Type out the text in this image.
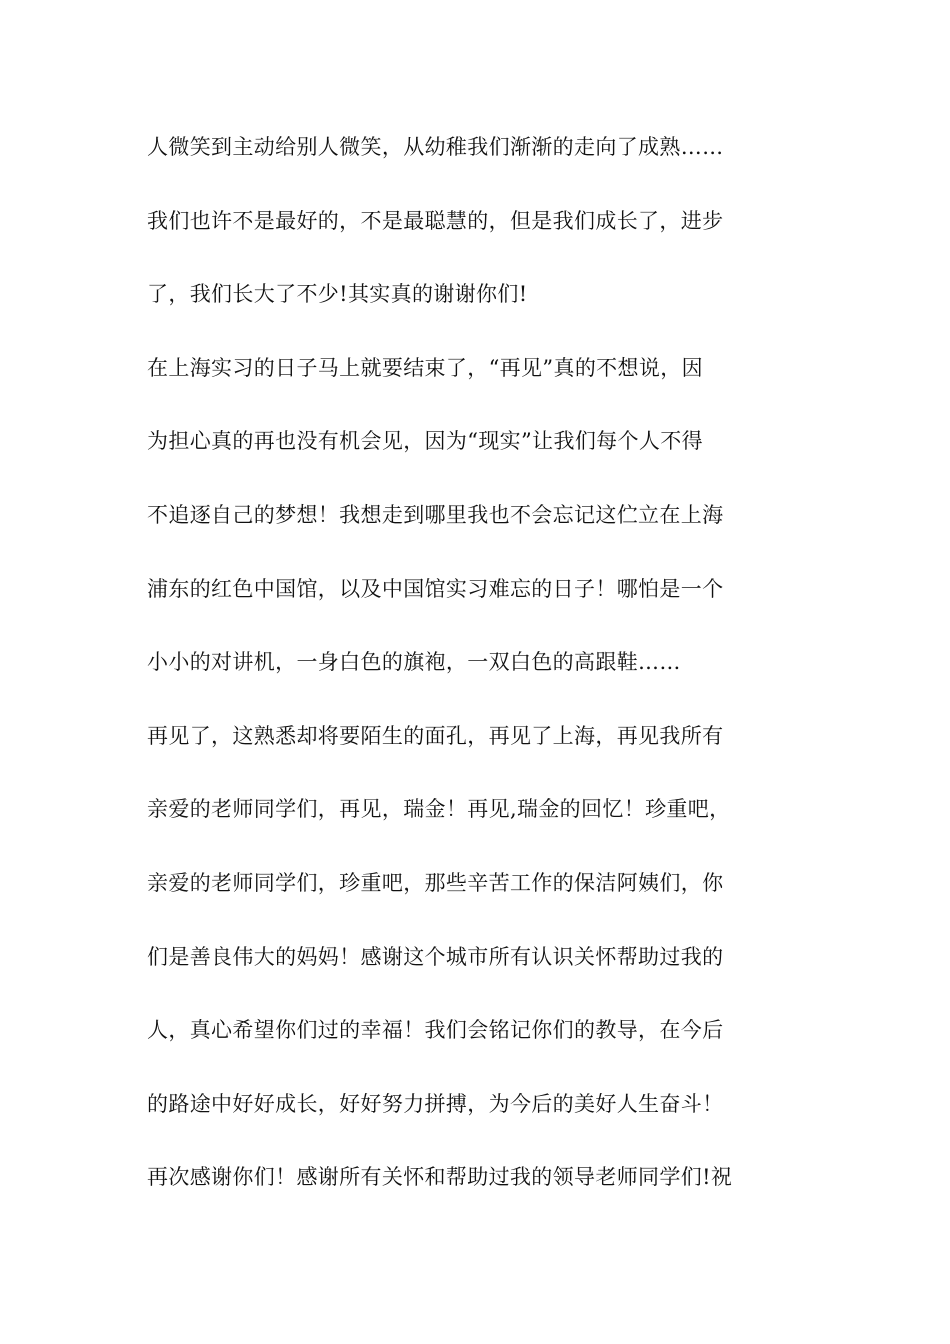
人微笑到主动给别人微笑，从幼稚我们渐渐的走向了成熟……
我们也许不是最好的，不是最聪慧的，但是我们成长了，进步
了，我们长大了不少!其实真的谢谢你们!
在上海实习的日子马上就要结束了，“再见”真的不想说，因
为担心真的再也没有机会见，因为“现实”让我们每个人不得
不追逐自己的梦想！我想走到哪里我也不会忘记这伫立在上海
浦东的红色中国馆，以及中国馆实习难忘的日子！哪怕是一个
小小的对讲机，一身白色的旗袍，一双白色的高跟鞋……
再见了，这熟悉却将要陌生的面孔，再见了上海，再见我所有
亲爱的老师同学们，再见，瑞金！再见,瑞金的回忆！珍重吧，
亲爱的老师同学们，珍重吧，那些辛苦工作的保洁阿姨们，你
们是善良伟大的妈妈！感谢这个城市所有认识关怀帮助过我的
人，真心希望你们过的幸福！我们会铭记你们的教导，在今后
的路途中好好成长，好好努力拼搏，为今后的美好人生奋斗！
再次感谢你们！感谢所有关怀和帮助过我的领导老师同学们!祝
